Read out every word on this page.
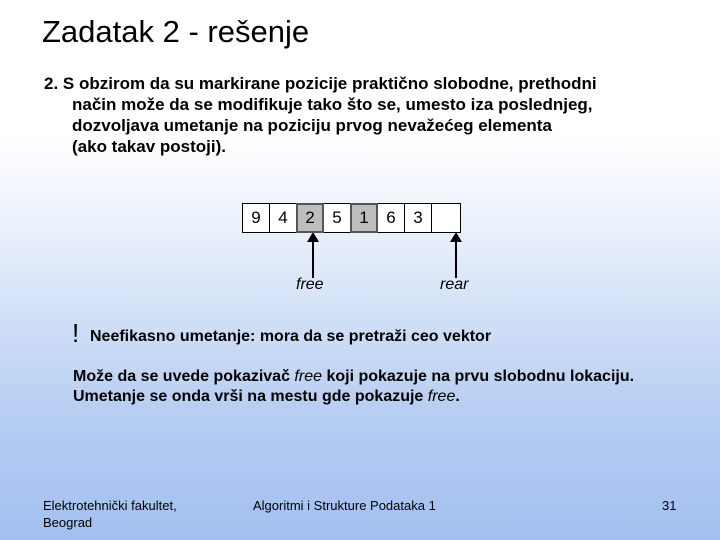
Zadatak 2 - rešenje
2. S obzirom da su markirane pozicije praktično slobodne, prethodni
način može da se modifikuje tako što se, umesto iza poslednjeg,
dozvoljava umetanje na poziciju prvog nevažećeg elementa
(ako takav postoji).
9	4	2	5	1	6	3
free	rear
! Neefikasno umetanje: mora da se pretraži ceo vektor
Može da se uvede pokazivač free koji pokazuje na prvu slobodnu lokaciju.
Umetanje se onda vrši na mestu gde pokazuje free.
Elektrotehnički fakultet,
Beograd
Algoritmi i Strukture Podataka 1	31
